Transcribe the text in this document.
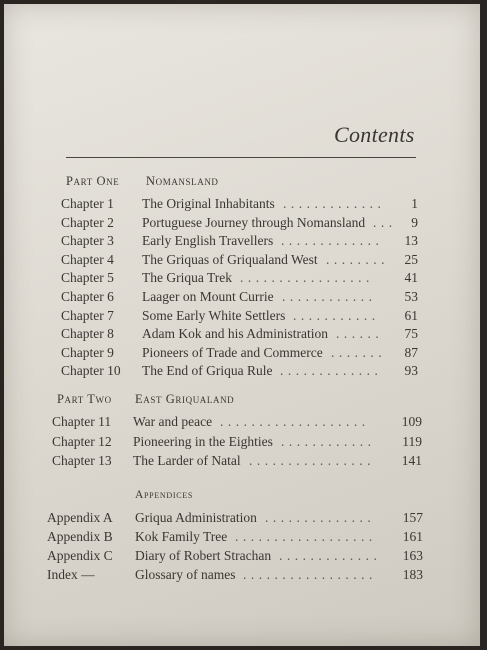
Contents
Part One Nomansland
Chapter 1 The Original Inhabitants	1
.............
Chapter 2 Portuguese Journey through Nomansland	9
...
Chapter 3 Early English Travellers	13
.............
Chapter 4 The Griquas of Griqualand West	25
........
Chapter 5 The Griqua Trek	41
.................
Chapter 6 Laager on Mount Currie	53
............
Chapter 7 Some Early White Settlers	61
...........
Chapter 8 Adam Kok and his Administration	75
......
Chapter 9 Pioneers of Trade and Commerce	87
.......
Chapter 10 The End of Griqua Rule	93
.............
Part Two East Griqualand
Chapter 11 War and peace	109
...................
Chapter 12 Pioneering in the Eighties	119
............
Chapter 13 The Larder of Natal	141
................
Appendices
Appendix A Griqua Administration	157
..............
Appendix B Kok Family Tree	161
..................
Appendix C Diary of Robert Strachan	163
.............
Index —	Glossary of names	183
.................
